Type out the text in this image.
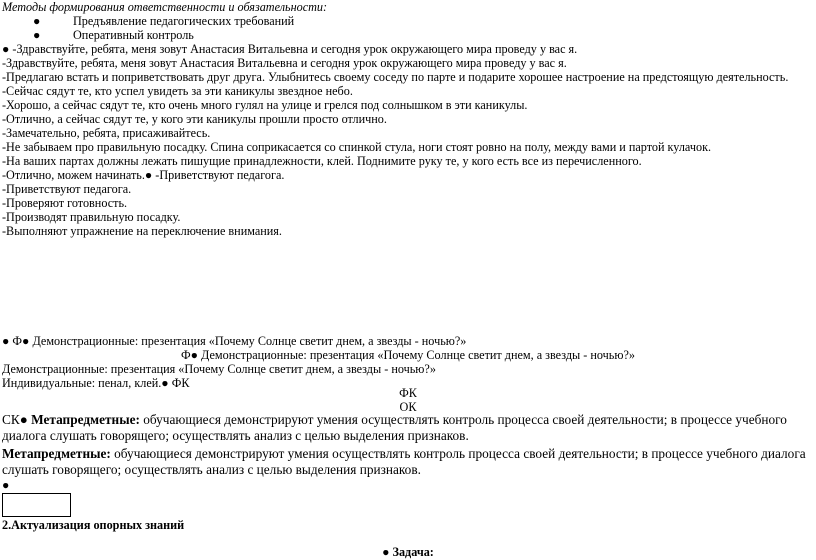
Методы формирования ответственности и обязательности:
●	Предъявление педагогических требований
●	Оперативный контроль
● -Здравствуйте, ребята, меня зовут Анастасия Витальевна и сегодня урок окружающего мира проведу у вас я.
-Здравствуйте, ребята, меня зовут Анастасия Витальевна и сегодня урок окружающего мира проведу у вас я.
-Предлагаю встать и поприветствовать друг друга. Улыбнитесь своему соседу по парте и подарите хорошее настроение на предстоящую деятельность.
-Сейчас сядут те, кто успел увидеть за эти каникулы звездное небо.
-Хорошо, а сейчас сядут те, кто очень много гулял на улице и грелся под солнышком в эти каникулы.
-Отлично, а сейчас сядут те, у кого эти каникулы прошли просто отлично.
-Замечательно, ребята, присаживайтесь.
-Не забываем про правильную посадку. Спина соприкасается со спинкой стула, ноги стоят ровно на полу, между вами и партой кулачок.
-На ваших партах должны лежать пишущие принадлежности, клей. Поднимите руку те, у кого есть все из перечисленного.
-Отлично, можем начинать.● -Приветствуют педагога.
-Приветствуют педагога.
-Проверяют готовность.
-Производят правильную посадку.
-Выполняют упражнение на переключение внимания.
● Ф● Демонстрационные: презентация «Почему Солнце светит днем, а звезды - ночью?»
Ф● Демонстрационные: презентация «Почему Солнце светит днем, а звезды - ночью?»
Демонстрационные: презентация «Почему Солнце светит днем, а звезды - ночью?»
Индивидуальные: пенал, клей.● ФК
ФК
ОК
СК● Метапредметные: обучающиеся демонстрируют умения осуществлять контроль процесса своей деятельности; в процессе учебного диалога слушать говорящего; осуществлять анализ с целью выделения признаков.
Метапредметные: обучающиеся демонстрируют умения осуществлять контроль процесса своей деятельности; в процессе учебного диалога слушать говорящего; осуществлять анализ с целью выделения признаков.
●
2.Актуализация опорных знаний
● Задача:
